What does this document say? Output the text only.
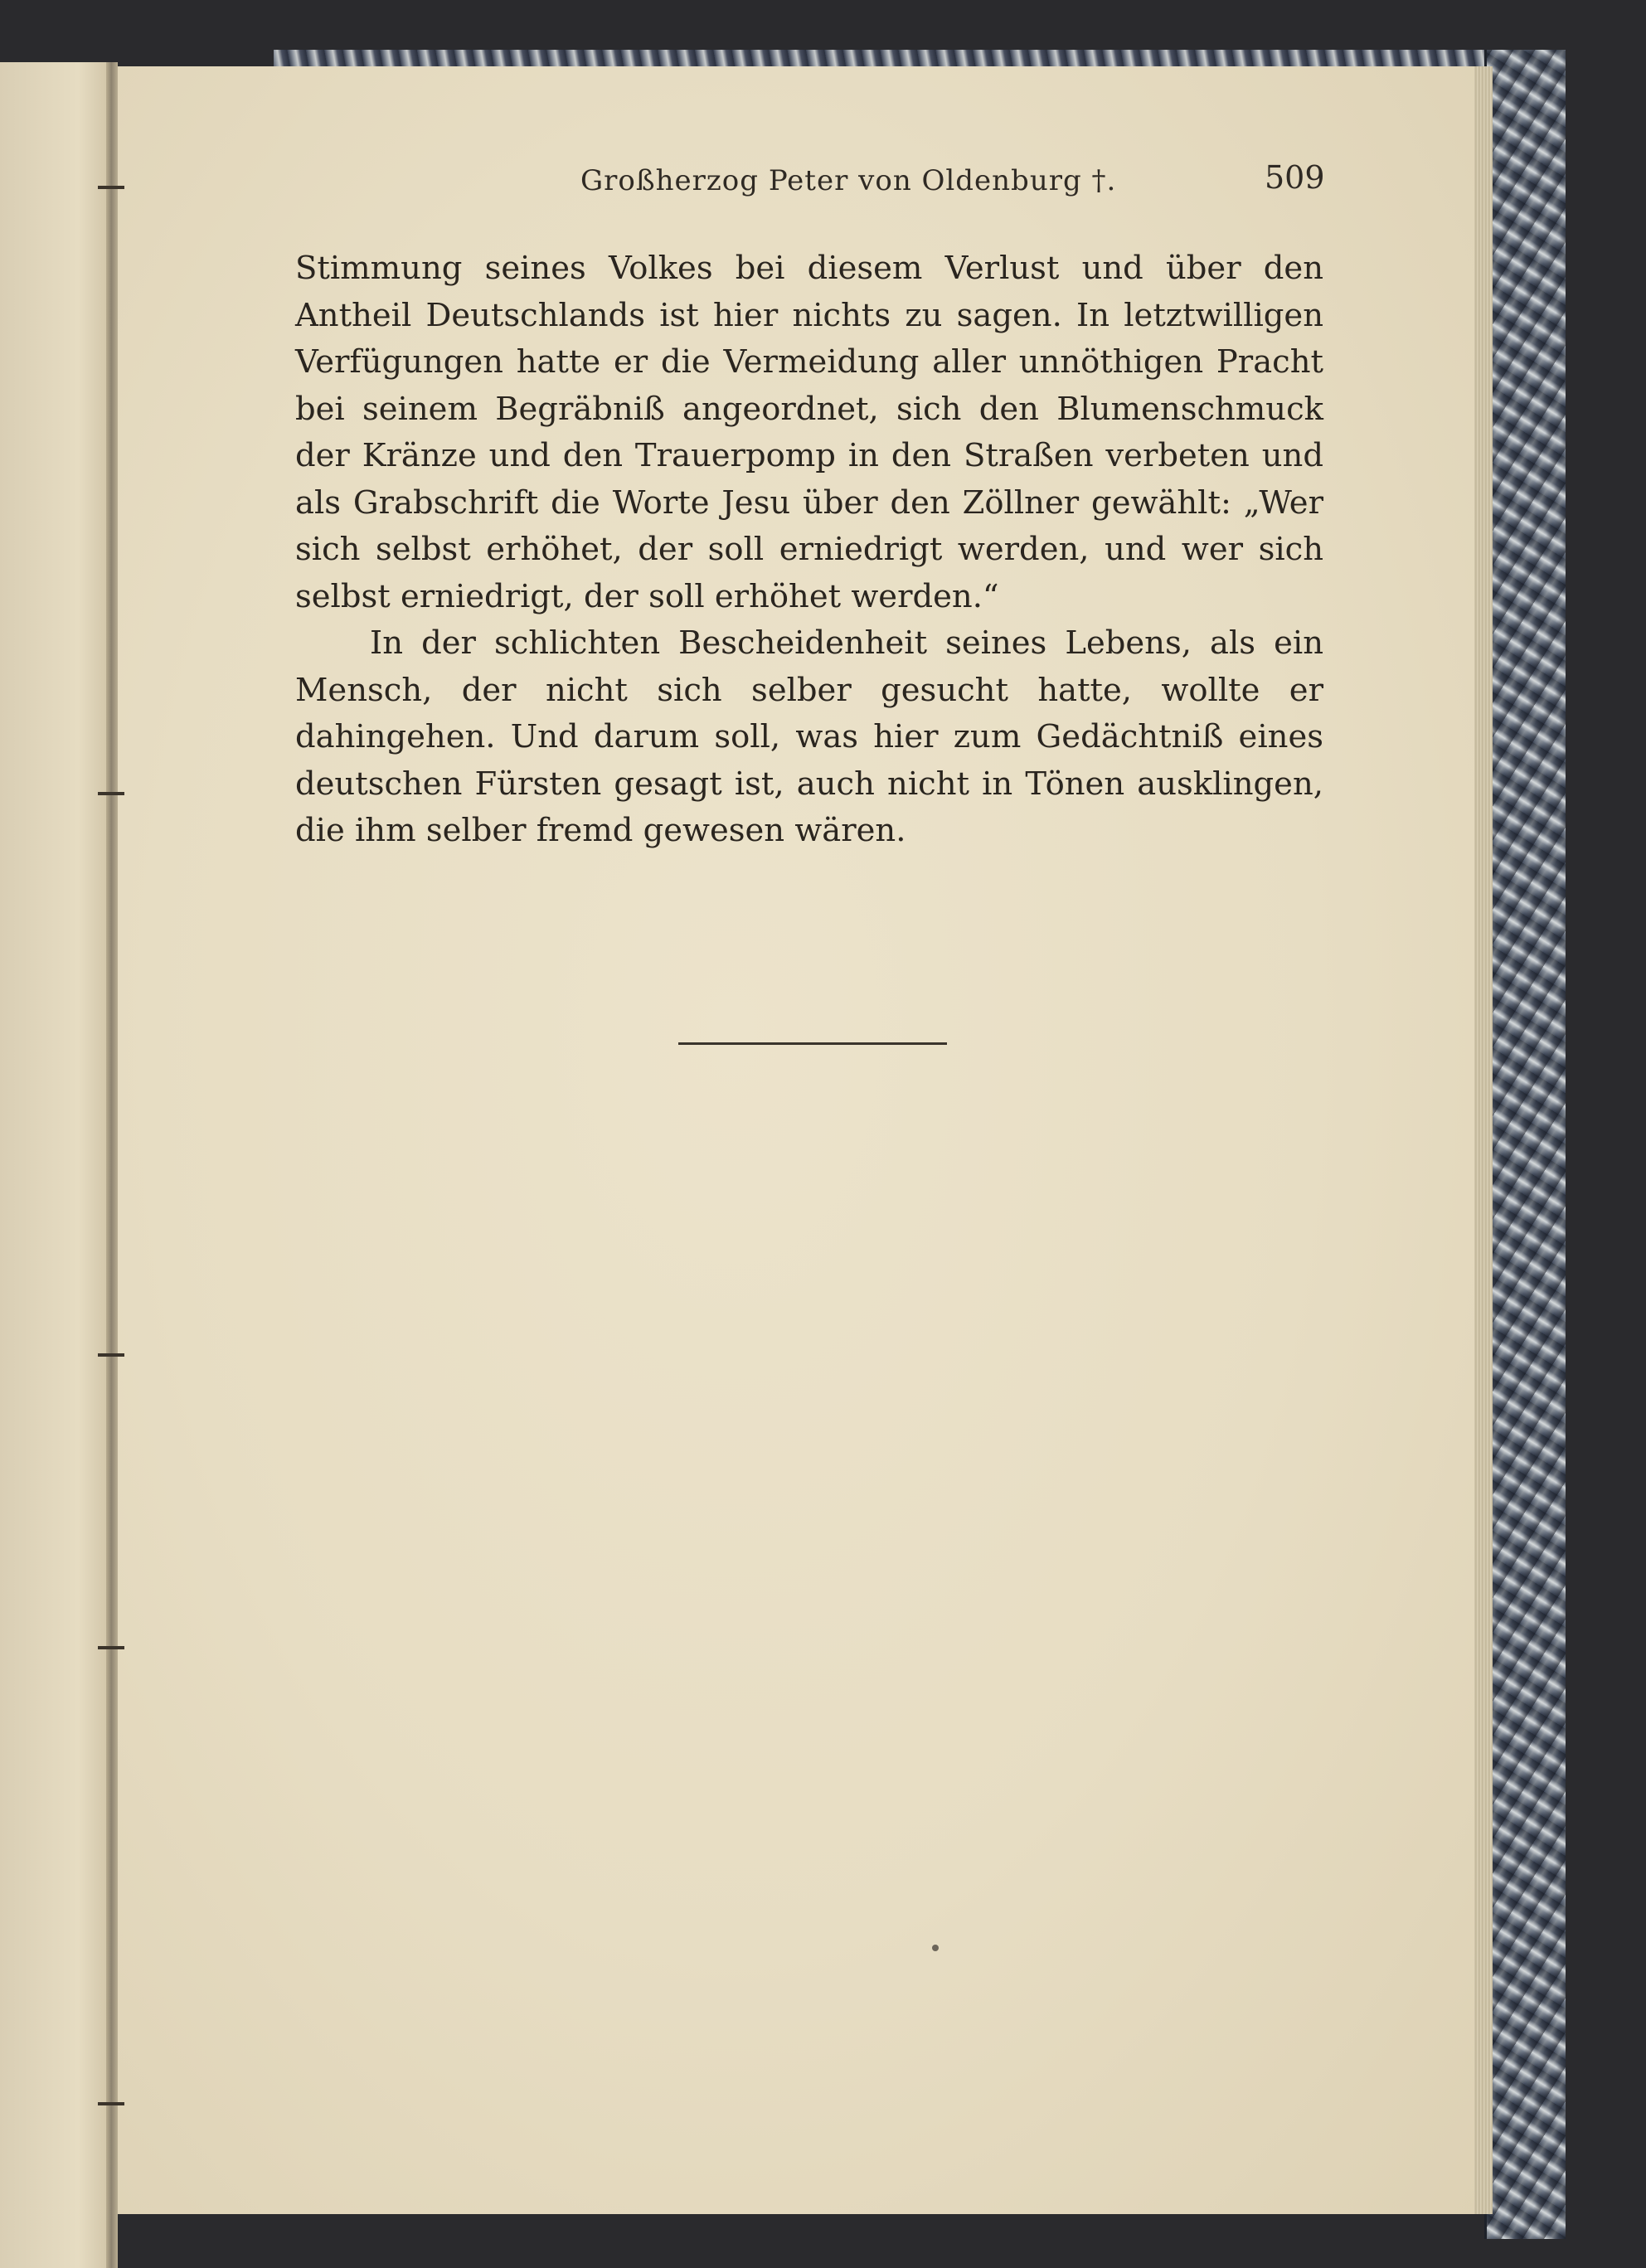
Großherzog Peter von Oldenburg †.	509

Stimmung seines Volkes bei diesem Verlust und über den Antheil Deutschlands ist hier nichts zu sagen. In letztwilligen Verfügungen hatte er die Vermeidung aller unnöthigen Pracht bei seinem Begräbniß angeordnet, sich den Blumenschmuck der Kränze und den Trauerpomp in den Straßen verbeten und als Grabschrift die Worte Jesu über den Zöllner gewählt: „Wer sich selbst erhöhet, der soll erniedrigt werden, und wer sich selbst erniedrigt, der soll erhöhet werden.“

In der schlichten Bescheidenheit seines Lebens, als ein Mensch, der nicht sich selber gesucht hatte, wollte er dahingehen. Und darum soll, was hier zum Gedächtniß eines deutschen Fürsten gesagt ist, auch nicht in Tönen ausklingen, die ihm selber fremd gewesen wären.
